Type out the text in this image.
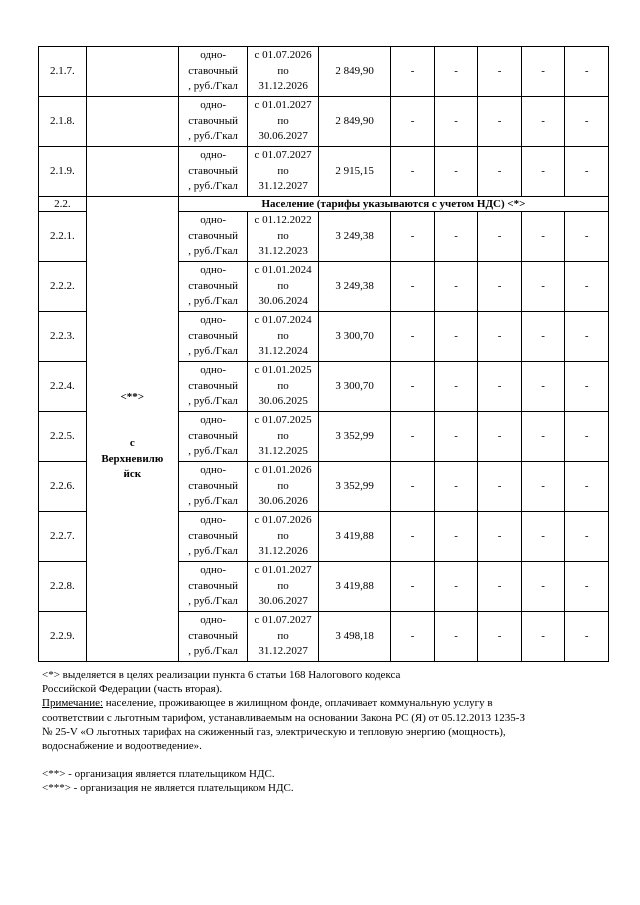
2.1.7.		одно-
ставочный
, руб./Гкал	с 01.07.2026
по
31.12.2026	2 849,90	-	-	-	-	-
2.1.8.		одно-
ставочный
, руб./Гкал	с 01.01.2027
по
30.06.2027	2 849,90	-	-	-	-	-
2.1.9.		одно-
ставочный
, руб./Гкал	с 01.07.2027
по
31.12.2027	2 915,15	-	-	-	-	-
2.2.		Население (тарифы указываются с учетом НДС) <*>							
2.2.1.	<**>

с
Верхневилю
йск	одно-
ставочный
, руб./Гкал	с 01.12.2022
по
31.12.2023	3 249,38	-	-	-	-	-
2.2.2.		одно-
ставочный
, руб./Гкал	с 01.01.2024
по
30.06.2024	3 249,38	-	-	-	-	-
2.2.3.		одно-
ставочный
, руб./Гкал	с 01.07.2024
по
31.12.2024	3 300,70	-	-	-	-	-
2.2.4.		одно-
ставочный
, руб./Гкал	с 01.01.2025
по
30.06.2025	3 300,70	-	-	-	-	-
2.2.5.		одно-
ставочный
, руб./Гкал	с 01.07.2025
по
31.12.2025	3 352,99	-	-	-	-	-
2.2.6.		одно-
ставочный
, руб./Гкал	с 01.01.2026
по
30.06.2026	3 352,99	-	-	-	-	-
2.2.7.		одно-
ставочный
, руб./Гкал	с 01.07.2026
по
31.12.2026	3 419,88	-	-	-	-	-
2.2.8.		одно-
ставочный
, руб./Гкал	с 01.01.2027
по
30.06.2027	3 419,88	-	-	-	-	-
2.2.9.		одно-
ставочный
, руб./Гкал	с 01.07.2027
по
31.12.2027	3 498,18	-	-	-	-	-

<*> выделяется в целях реализации пункта 6 статьи 168 Налогового кодекса

Российской Федерации (часть вторая).

Примечание: население, проживающее в жилищном фонде, оплачивает коммунальную услугу в

соответствии с льготным тарифом, устанавливаемым на основании Закона РС (Я) от 05.12.2013 1235-З

№ 25-V «О льготных тарифах на сжиженный газ, электрическую и тепловую энергию (мощность),

водоснабжение и водоотведение».

<**> - организация является плательщиком НДС.

<***> - организация не является плательщиком НДС.
